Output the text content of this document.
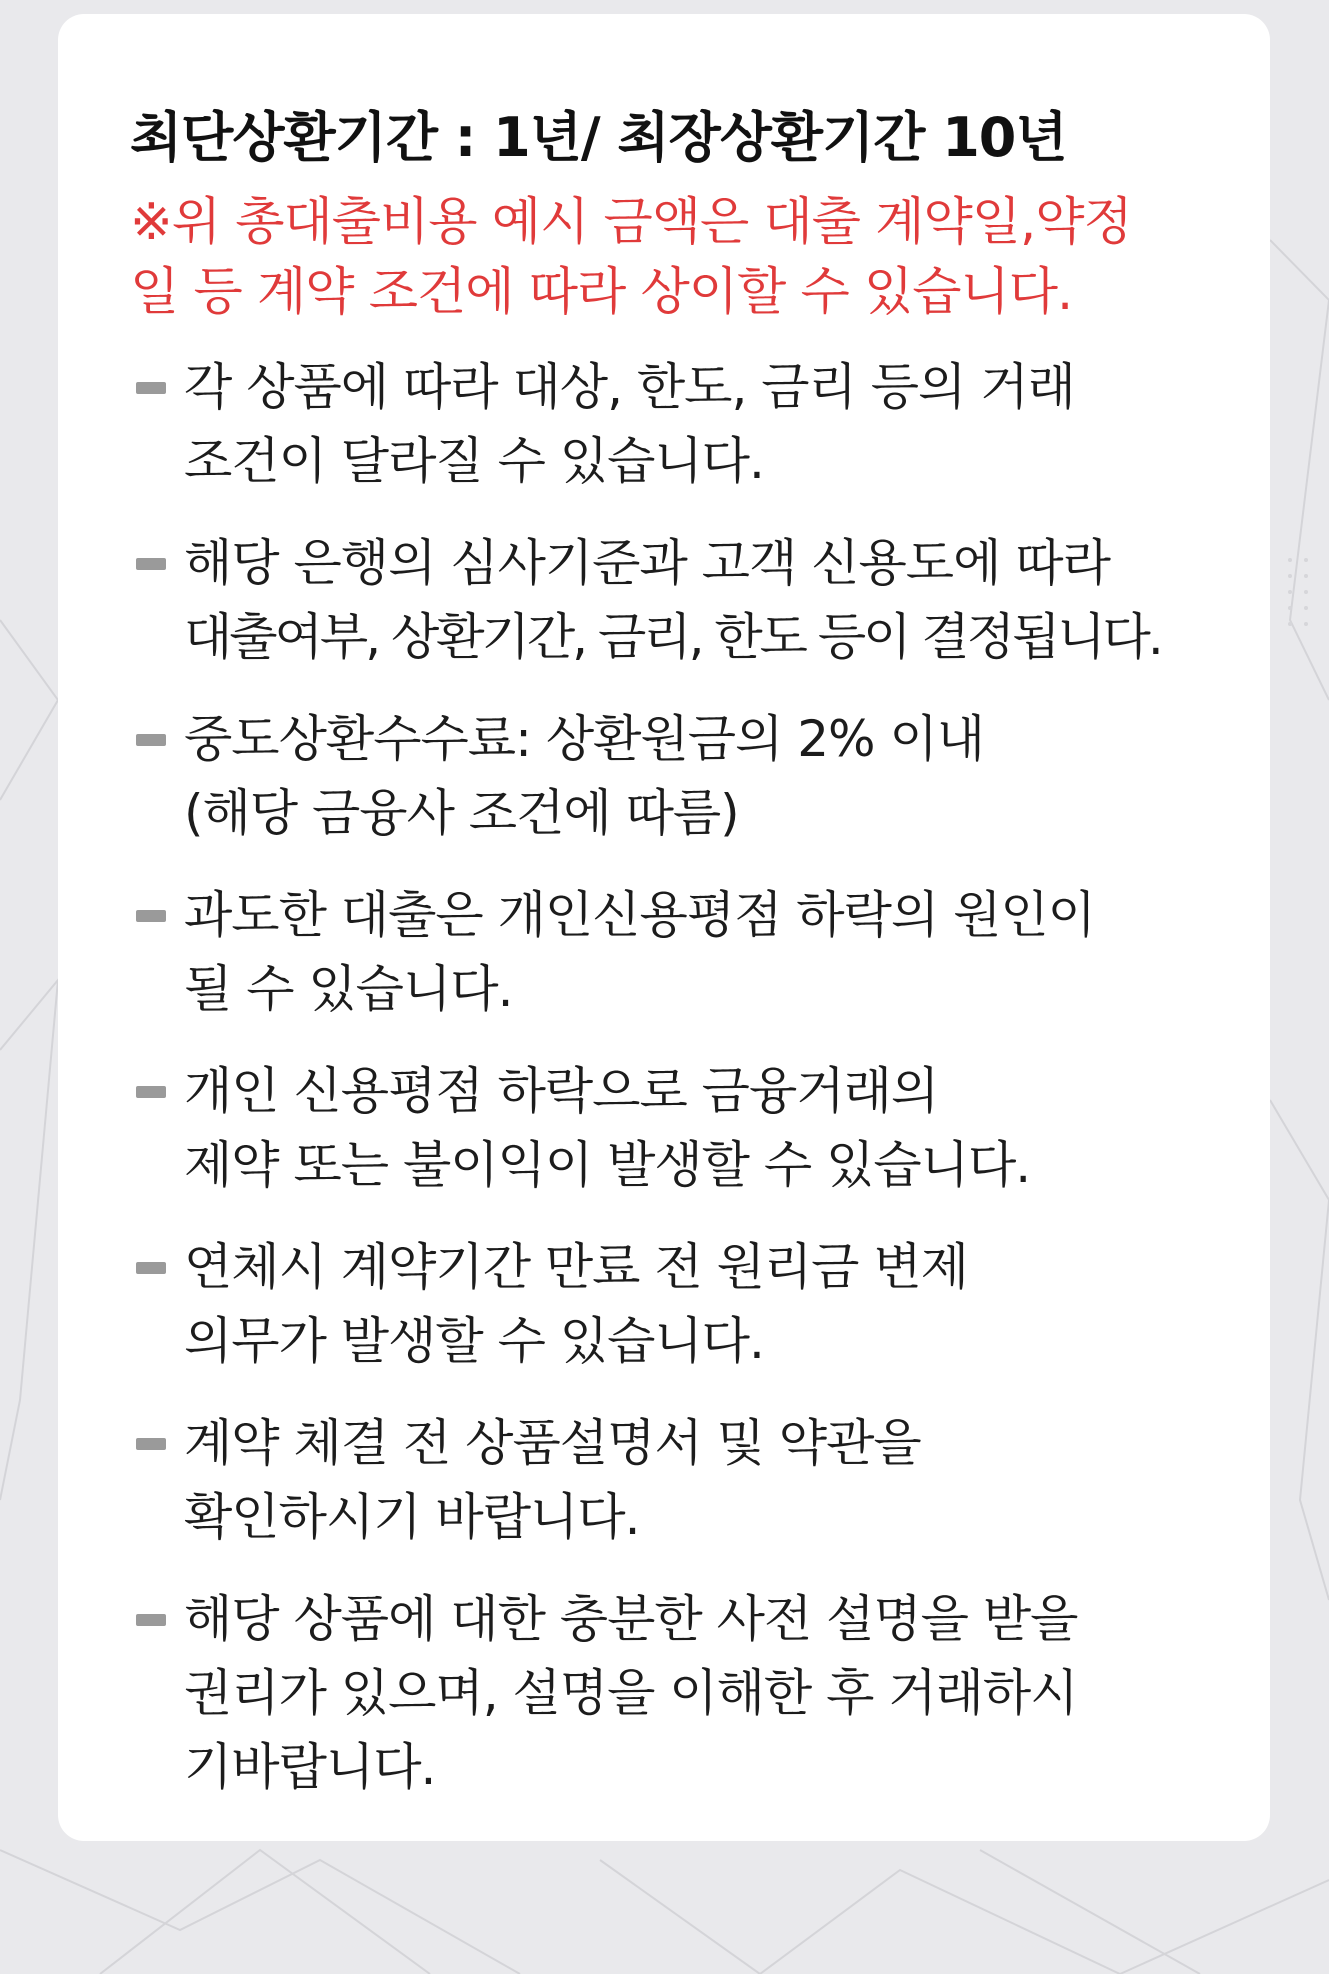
최단상환기간 : 1년/ 최장상환기간 10년

※위 총대출비용 예시 금액은 대출 계약일,약정
일 등 계약 조건에 따라 상이할 수 있습니다.

각 상품에 따라 대상, 한도, 금리 등의 거래
조건이 달라질 수 있습니다.
해당 은행의 심사기준과 고객 신용도에 따라
대출여부, 상환기간, 금리, 한도 등이 결정됩니다.
중도상환수수료: 상환원금의 2% 이내
(해당 금융사 조건에 따름)
과도한 대출은 개인신용평점 하락의 원인이
될 수 있습니다.
개인 신용평점 하락으로 금융거래의
제약 또는 불이익이 발생할 수 있습니다.
연체시 계약기간 만료 전 원리금 변제
의무가 발생할 수 있습니다.
계약 체결 전 상품설명서 및 약관을
확인하시기 바랍니다.
해당 상품에 대한 충분한 사전 설명을 받을
권리가 있으며, 설명을 이해한 후 거래하시
기바랍니다.
